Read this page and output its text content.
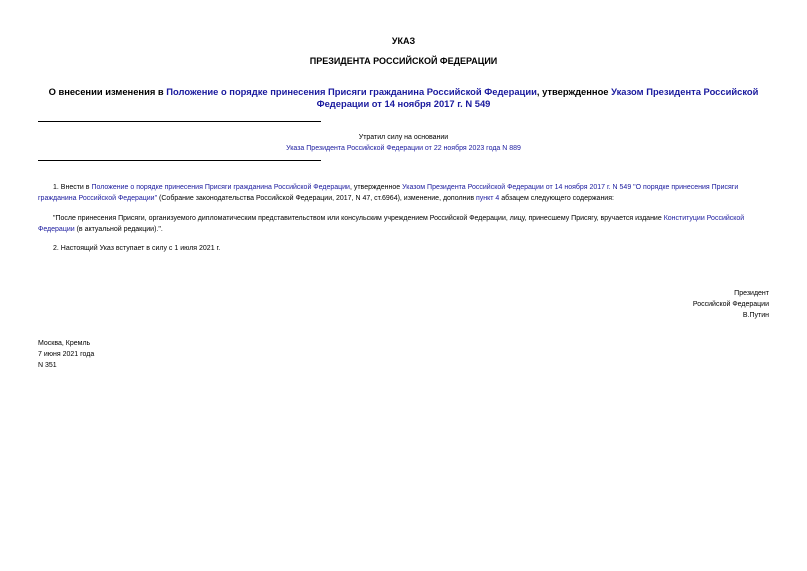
УКАЗ
ПРЕЗИДЕНТА РОССИЙСКОЙ ФЕДЕРАЦИИ
О внесении изменения в Положение о порядке принесения Присяги гражданина Российской Федерации, утвержденное Указом Президента Российской Федерации от 14 ноября 2017 г. N 549
Утратил силу на основании
Указа Президента Российской Федерации от 22 ноября 2023 года N 889
1. Внести в Положение о порядке принесения Присяги гражданина Российской Федерации, утвержденное Указом Президента Российской Федерации от 14 ноября 2017 г. N 549 "О порядке принесения Присяги гражданина Российской Федерации" (Собрание законодательства Российской Федерации, 2017, N 47, ст.6964), изменение, дополнив пункт 4 абзацем следующего содержания:
"После принесения Присяги, организуемого дипломатическим представительством или консульским учреждением Российской Федерации, лицу, принесшему Присягу, вручается издание Конституции Российской Федерации (в актуальной редакции).".
2. Настоящий Указ вступает в силу с 1 июля 2021 г.
Президент
Российской Федерации
В.Путин
Москва, Кремль
7 июня 2021 года
N 351
